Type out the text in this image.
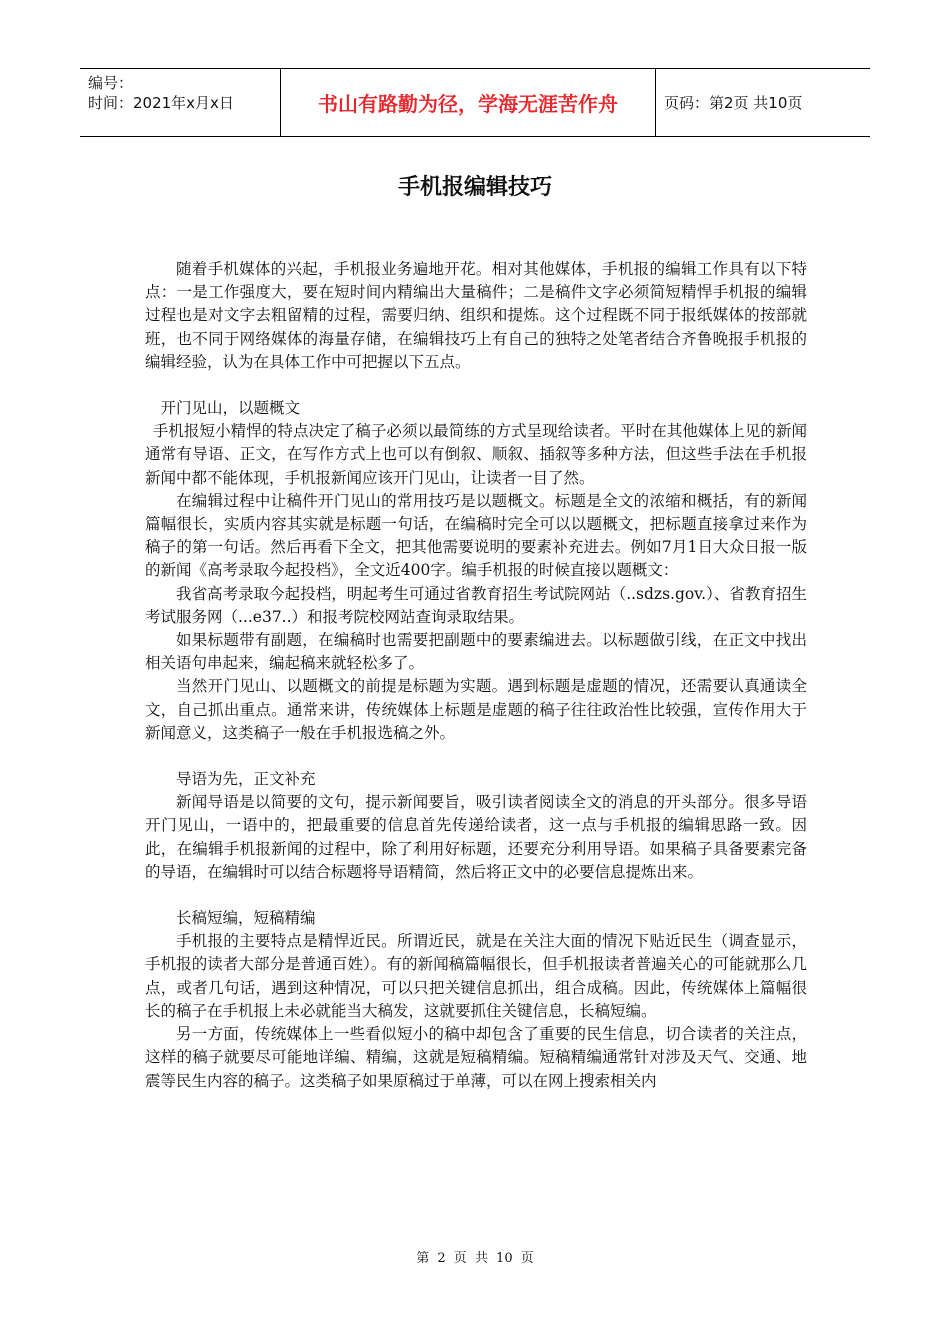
编号：
时间：2021年x月x日	书山有路勤为径，学海无涯苦作舟	页码：第2页 共10页
手机报编辑技巧

随着手机媒体的兴起，手机报业务遍地开花。相对其他媒体，手机报的编辑工作具有以下特点：一是工作强度大，要在短时间内精编出大量稿件；二是稿件文字必须简短精悍手机报的编辑过程也是对文字去粗留精的过程，需要归纳、组织和提炼。这个过程既不同于报纸媒体的按部就班，也不同于网络媒体的海量存储，在编辑技巧上有自己的独特之处笔者结合齐鲁晚报手机报的编辑经验，认为在具体工作中可把握以下五点。

开门见山，以题概文

手机报短小精悍的特点决定了稿子必须以最简练的方式呈现给读者。平时在其他媒体上见的新闻通常有导语、正文，在写作方式上也可以有倒叙、顺叙、插叙等多种方法，但这些手法在手机报新闻中都不能体现，手机报新闻应该开门见山，让读者一目了然。

在编辑过程中让稿件开门见山的常用技巧是以题概文。标题是全文的浓缩和概括，有的新闻篇幅很长，实质内容其实就是标题一句话，在编稿时完全可以以题概文，把标题直接拿过来作为稿子的第一句话。然后再看下全文，把其他需要说明的要素补充进去。例如7月1日大众日报一版的新闻《高考录取今起投档》，全文近400字。编手机报的时候直接以题概文：

我省高考录取今起投档，明起考生可通过省教育招生考试院网站（..sdzs.gov.）、省教育招生考试服务网（...e37..）和报考院校网站查询录取结果。

如果标题带有副题，在编稿时也需要把副题中的要素编进去。以标题做引线，在正文中找出相关语句串起来，编起稿来就轻松多了。

当然开门见山、以题概文的前提是标题为实题。遇到标题是虚题的情况，还需要认真通读全文，自己抓出重点。通常来讲，传统媒体上标题是虚题的稿子往往政治性比较强，宣传作用大于新闻意义，这类稿子一般在手机报选稿之外。

导语为先，正文补充

新闻导语是以简要的文句，提示新闻要旨，吸引读者阅读全文的消息的开头部分。很多导语开门见山，一语中的，把最重要的信息首先传递给读者，这一点与手机报的编辑思路一致。因此，在编辑手机报新闻的过程中，除了利用好标题，还要充分利用导语。如果稿子具备要素完备的导语，在编辑时可以结合标题将导语精简，然后将正文中的必要信息提炼出来。

长稿短编，短稿精编

手机报的主要特点是精悍近民。所谓近民，就是在关注大面的情况下贴近民生（调查显示，手机报的读者大部分是普通百姓）。有的新闻稿篇幅很长，但手机报读者普遍关心的可能就那么几点，或者几句话，遇到这种情况，可以只把关键信息抓出，组合成稿。因此，传统媒体上篇幅很长的稿子在手机报上未必就能当大稿发，这就要抓住关键信息，长稿短编。

另一方面，传统媒体上一些看似短小的稿中却包含了重要的民生信息，切合读者的关注点，这样的稿子就要尽可能地详编、精编，这就是短稿精编。短稿精编通常针对涉及天气、交通、地震等民生内容的稿子。这类稿子如果原稿过于单薄，可以在网上搜索相关内

第 2 页 共 10 页
